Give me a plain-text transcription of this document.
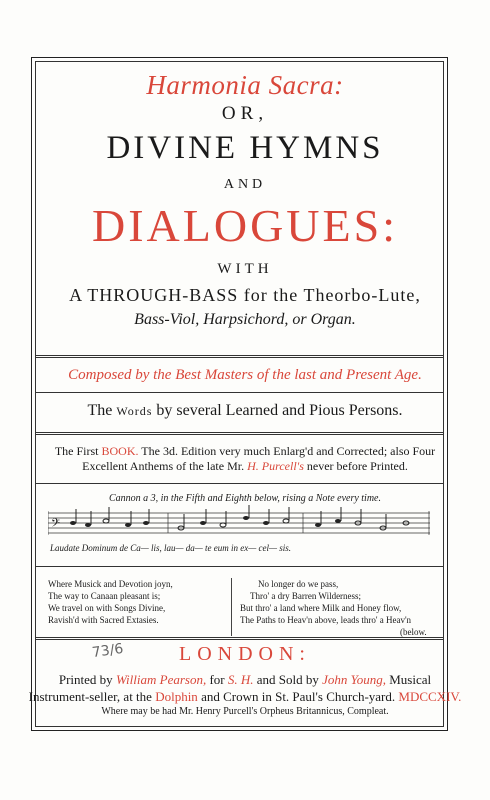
Harmonia Sacra:
OR,
DIVINE HYMNS
AND
DIALOGUES:
WITH
A THROUGH-BASS for the Theorbo-Lute,
Bass-Viol, Harpsichord, or Organ.
Composed by the Best Masters of the last and Present Age.
The Words by several Learned and Pious Persons.
The First BOOK. The 3d. Edition very much Enlarg'd and Corrected; also Four
Excellent Anthems of the late Mr. H. Purcell's never before Printed.
Cannon a 3, in the Fifth and Eighth below, rising a Note every time.
𝄢
Laudate Dominum de Ca— lis, lau— da— te eum in ex— cel— sis.
Where Musick and Devotion joyn,
The way to Canaan pleasant is;
We travel on with Songs Divine,
Ravish'd with Sacred Extasies.
No longer do we pass,
Thro' a dry Barren Wilderness;
But thro' a land where Milk and Honey flow,
The Paths to Heav'n above, leads thro' a Heav'n
(below.
73/6	LONDON:
Printed by William Pearson, for S. H. and Sold by John Young, Musical
Instrument-seller, at the Dolphin and Crown in St. Paul's Church-yard. MDCCXIV.
Where may be had Mr. Henry Purcell's Orpheus Britannicus, Compleat.
